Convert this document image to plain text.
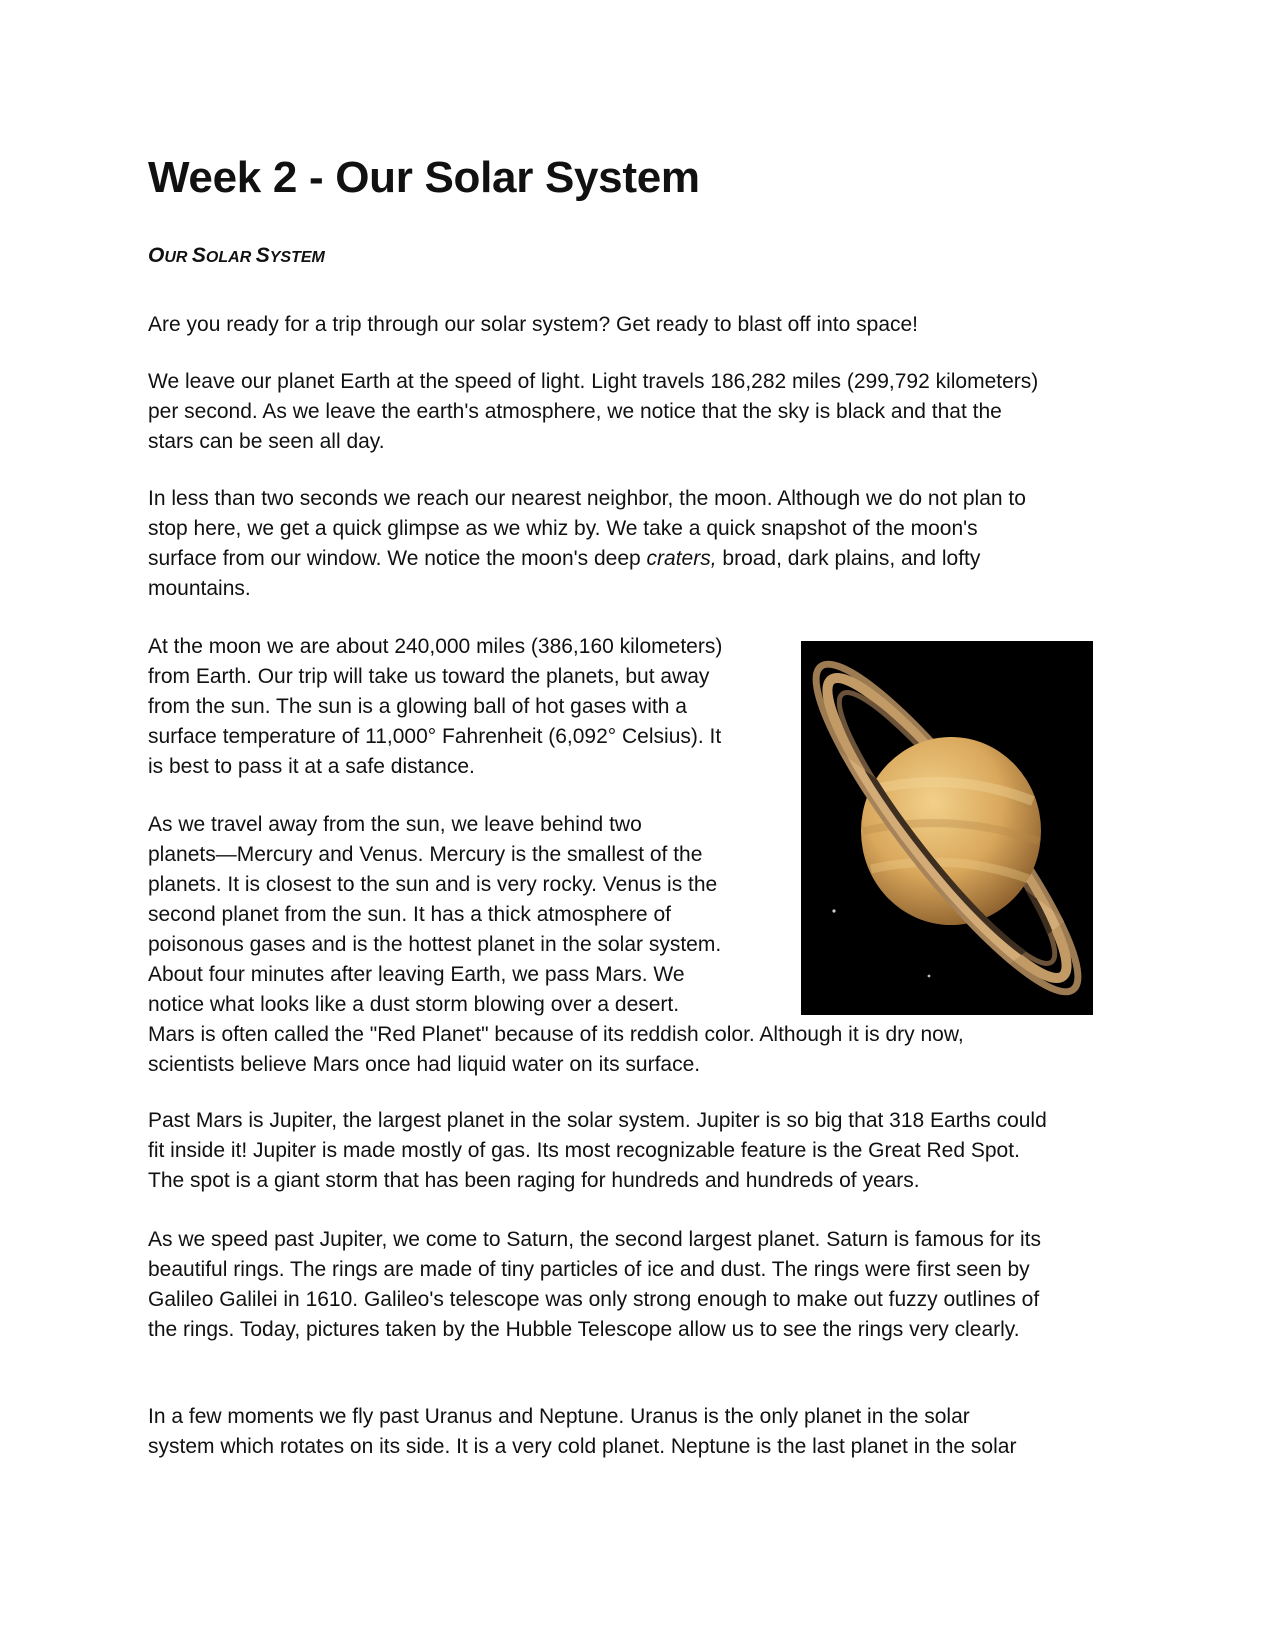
Week 2 - Our Solar System
OUR SOLAR SYSTEM

Are you ready for a trip through our solar system? Get ready to blast off into space!

We leave our planet Earth at the speed of light. Light travels 186,282 miles (299,792 kilometers)
per second. As we leave the earth's atmosphere, we notice that the sky is black and that the
stars can be seen all day.

In less than two seconds we reach our nearest neighbor, the moon. Although we do not plan to
stop here, we get a quick glimpse as we whiz by. We take a quick snapshot of the moon's
surface from our window. We notice the moon's deep craters, broad, dark plains, and lofty
mountains.

At the moon we are about 240,000 miles (386,160 kilometers)
from Earth. Our trip will take us toward the planets, but away
from the sun. The sun is a glowing ball of hot gases with a
surface temperature of 11,000° Fahrenheit (6,092° Celsius). It
is best to pass it at a safe distance.

As we travel away from the sun, we leave behind two
planets—Mercury and Venus. Mercury is the smallest of the
planets. It is closest to the sun and is very rocky. Venus is the
second planet from the sun. It has a thick atmosphere of
poisonous gases and is the hottest planet in the solar system.
About four minutes after leaving Earth, we pass Mars. We
notice what looks like a dust storm blowing over a desert.
Mars is often called the "Red Planet" because of its reddish color. Although it is dry now,
scientists believe Mars once had liquid water on its surface.

Past Mars is Jupiter, the largest planet in the solar system. Jupiter is so big that 318 Earths could
fit inside it! Jupiter is made mostly of gas. Its most recognizable feature is the Great Red Spot.
The spot is a giant storm that has been raging for hundreds and hundreds of years.

As we speed past Jupiter, we come to Saturn, the second largest planet. Saturn is famous for its
beautiful rings. The rings are made of tiny particles of ice and dust. The rings were first seen by
Galileo Galilei in 1610. Galileo's telescope was only strong enough to make out fuzzy outlines of
the rings. Today, pictures taken by the Hubble Telescope allow us to see the rings very clearly.

In a few moments we fly past Uranus and Neptune. Uranus is the only planet in the solar
system which rotates on its side. It is a very cold planet. Neptune is the last planet in the solar
